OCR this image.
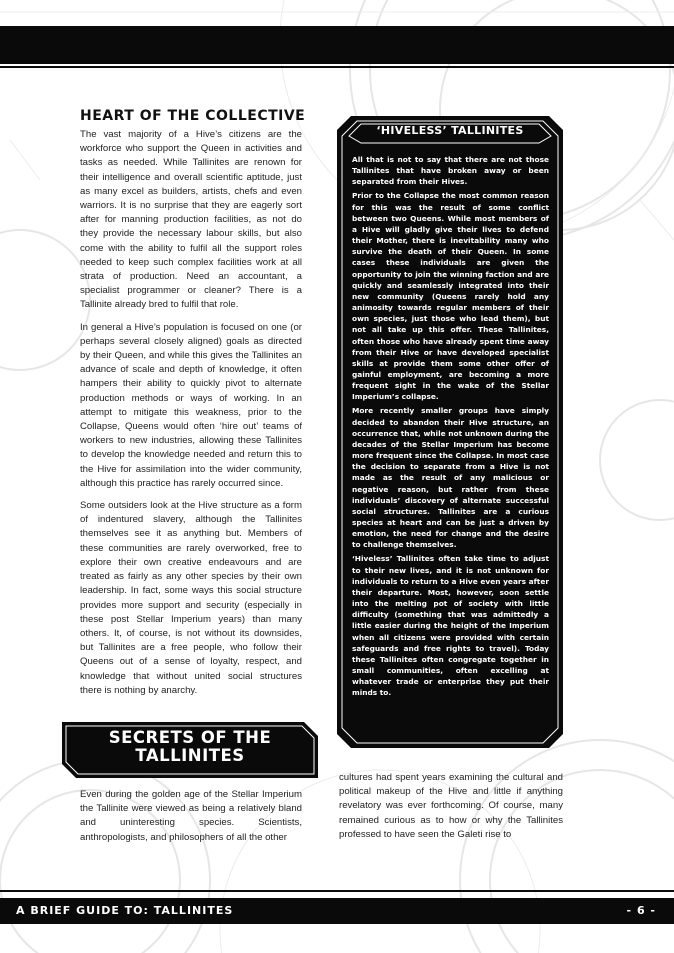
HEART OF THE COLLECTIVE

The vast majority of a Hive’s citizens are the workforce who support the Queen in activities and tasks as needed. While Tallinites are renown for their intelligence and overall scientific aptitude, just as many excel as builders, artists, chefs and even warriors. It is no surprise that they are eagerly sort after for manning production facilities, as not do they provide the necessary labour skills, but also come with the ability to fulfil all the support roles needed to keep such complex facilities work at all strata of production. Need an accountant, a specialist programmer or cleaner? There is a Tallinite already bred to fulfil that role.

In general a Hive’s population is focused on one (or perhaps several closely aligned) goals as directed by their Queen, and while this gives the Tallinites an advance of scale and depth of knowledge, it often hampers their ability to quickly pivot to alternate production methods or ways of working. In an attempt to mitigate this weakness, prior to the Collapse, Queens would often ‘hire out’ teams of workers to new industries, allowing these Tallinites to develop the knowledge needed and return this to the Hive for assimilation into the wider community, although this practice has rarely occurred since.

Some outsiders look at the Hive structure as a form of indentured slavery, although the Tallinites themselves see it as anything but. Members of these communities are rarely overworked, free to explore their own creative endeavours and are treated as fairly as any other species by their own leadership. In fact, some ways this social structure provides more support and security (especially in these post Stellar Imperium years) than many others. It, of course, is not without its downsides, but Tallinites are a free people, who follow their Queens out of a sense of loyalty, respect, and knowledge that without united social structures there is nothing by anarchy.

‘HIVELESS’ TALLINITES

All that is not to say that there are not those Tallinites that have broken away or been separated from their Hives.

Prior to the Collapse the most common reason for this was the result of some conflict between two Queens. While most members of a Hive will gladly give their lives to defend their Mother, there is inevitability many who survive the death of their Queen. In some cases these individuals are given the opportunity to join the winning faction and are quickly and seamlessly integrated into their new community (Queens rarely hold any animosity towards regular members of their own species, just those who lead them), but not all take up this offer. These Tallinites, often those who have already spent time away from their Hive or have developed specialist skills at provide them some other offer of gainful employment, are becoming a more frequent sight in the wake of the Stellar Imperium’s collapse.

More recently smaller groups have simply decided to abandon their Hive structure, an occurrence that, while not unknown during the decades of the Stellar Imperium has become more frequent since the Collapse. In most case the decision to separate from a Hive is not made as the result of any malicious or negative reason, but rather from these individuals’ discovery of alternate successful social structures. Tallinites are a curious species at heart and can be just a driven by emotion, the need for change and the desire to challenge themselves.

‘Hiveless’ Tallinites often take time to adjust to their new lives, and it is not unknown for individuals to return to a Hive even years after their departure. Most, however, soon settle into the melting pot of society with little difficulty (something that was admittedly a little easier during the height of the Imperium when all citizens were provided with certain safeguards and free rights to travel). Today these Tallinites often congregate together in small communities, often excelling at whatever trade or enterprise they put their minds to.

SECRETS OF THE
TALLINITES

Even during the golden age of the Stellar Imperium the Tallinite were viewed as being a relatively bland and uninteresting species. Scientists, anthropologists, and philosophers of all the other

cultures had spent years examining the cultural and political makeup of the Hive and little if anything revelatory was ever forthcoming. Of course, many remained curious as to how or why the Tallinites professed to have seen the Galeti rise to

A BRIEF GUIDE TO: TALLINITES	- 6 -
